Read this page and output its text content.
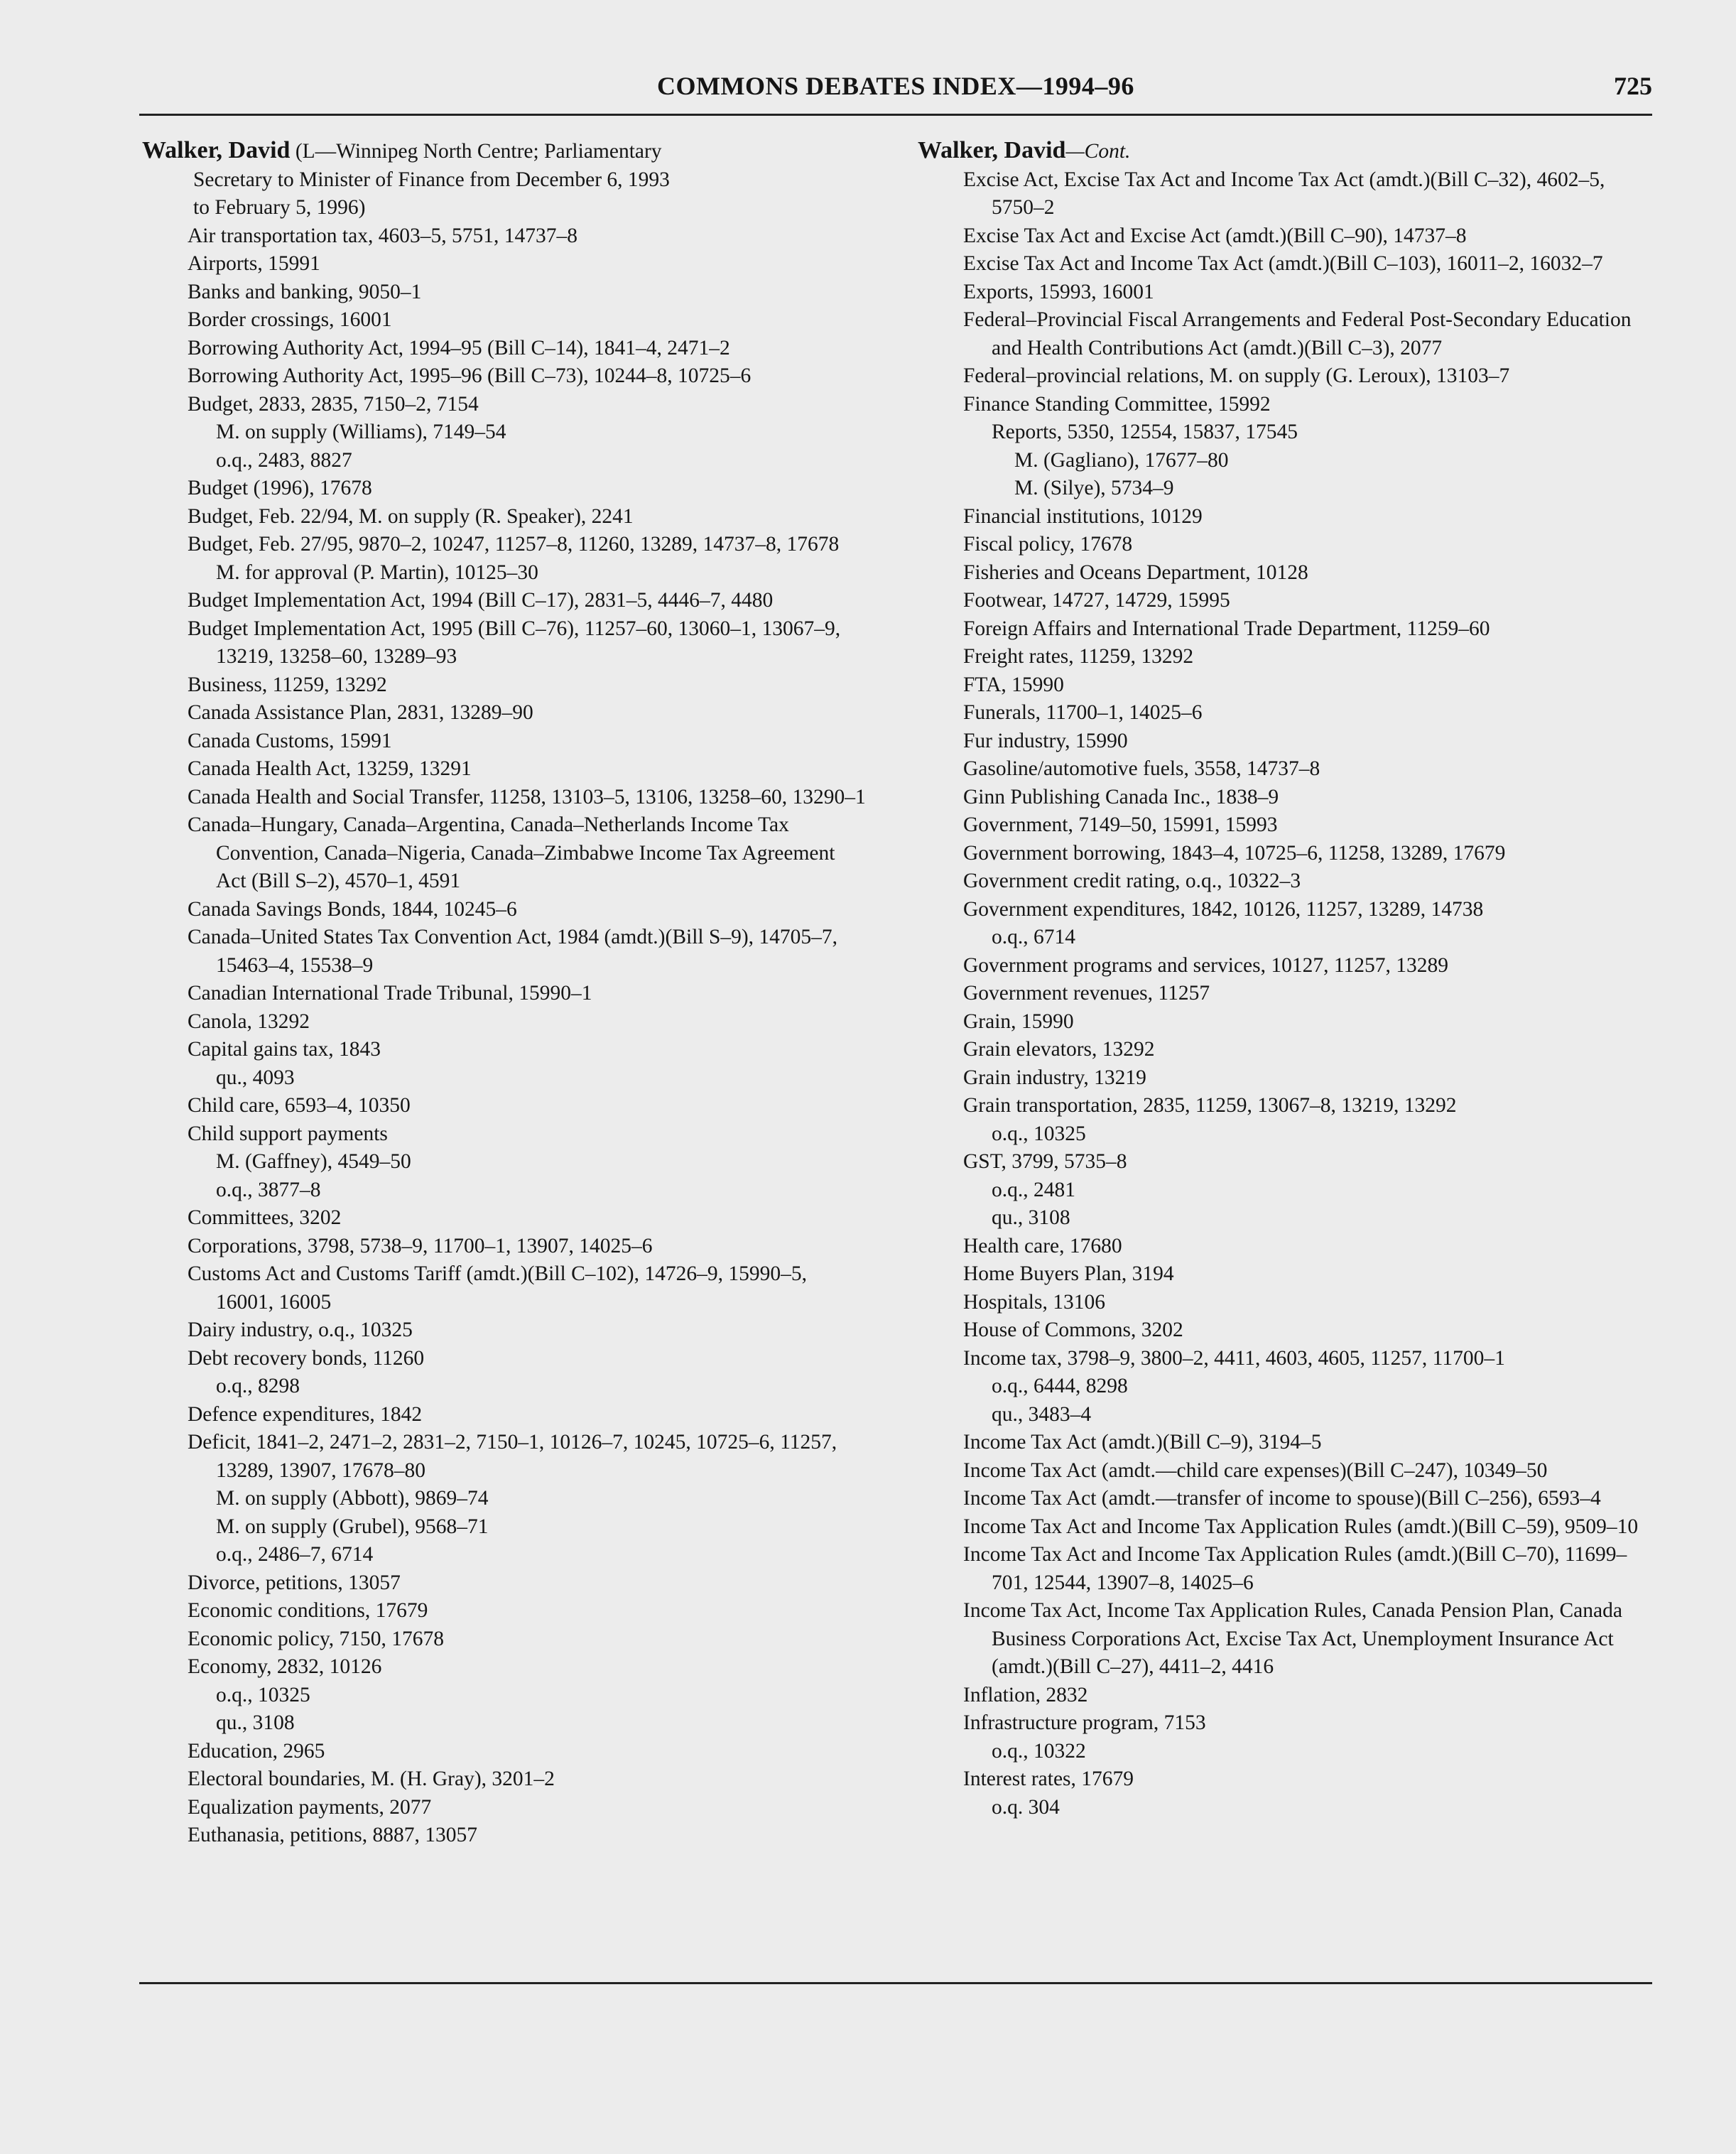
COMMONS DEBATES INDEX—1994–96	725
Walker, David (L—Winnipeg North Centre; Parliamentary
Secretary to Minister of Finance from December 6, 1993
to February 5, 1996)
Air transportation tax, 4603–5, 5751, 14737–8
Airports, 15991
Banks and banking, 9050–1
Border crossings, 16001
Borrowing Authority Act, 1994–95 (Bill C–14), 1841–4, 2471–2
Borrowing Authority Act, 1995–96 (Bill C–73), 10244–8, 10725–6
Budget, 2833, 2835, 7150–2, 7154
M. on supply (Williams), 7149–54
o.q., 2483, 8827
Budget (1996), 17678
Budget, Feb. 22/94, M. on supply (R. Speaker), 2241
Budget, Feb. 27/95, 9870–2, 10247, 11257–8, 11260, 13289, 14737–8, 17678
M. for approval (P. Martin), 10125–30
Budget Implementation Act, 1994 (Bill C–17), 2831–5, 4446–7, 4480
Budget Implementation Act, 1995 (Bill C–76), 11257–60, 13060–1, 13067–9, 13219, 13258–60, 13289–93
Business, 11259, 13292
Canada Assistance Plan, 2831, 13289–90
Canada Customs, 15991
Canada Health Act, 13259, 13291
Canada Health and Social Transfer, 11258, 13103–5, 13106, 13258–60, 13290–1
Canada–Hungary, Canada–Argentina, Canada–Netherlands Income Tax Convention, Canada–Nigeria, Canada–Zimbabwe Income Tax Agreement Act (Bill S–2), 4570–1, 4591
Canada Savings Bonds, 1844, 10245–6
Canada–United States Tax Convention Act, 1984 (amdt.)(Bill S–9), 14705–7, 15463–4, 15538–9
Canadian International Trade Tribunal, 15990–1
Canola, 13292
Capital gains tax, 1843
qu., 4093
Child care, 6593–4, 10350
Child support payments
M. (Gaffney), 4549–50
o.q., 3877–8
Committees, 3202
Corporations, 3798, 5738–9, 11700–1, 13907, 14025–6
Customs Act and Customs Tariff (amdt.)(Bill C–102), 14726–9, 15990–5, 16001, 16005
Dairy industry, o.q., 10325
Debt recovery bonds, 11260
o.q., 8298
Defence expenditures, 1842
Deficit, 1841–2, 2471–2, 2831–2, 7150–1, 10126–7, 10245, 10725–6, 11257, 13289, 13907, 17678–80
M. on supply (Abbott), 9869–74
M. on supply (Grubel), 9568–71
o.q., 2486–7, 6714
Divorce, petitions, 13057
Economic conditions, 17679
Economic policy, 7150, 17678
Economy, 2832, 10126
o.q., 10325
qu., 3108
Education, 2965
Electoral boundaries, M. (H. Gray), 3201–2
Equalization payments, 2077
Euthanasia, petitions, 8887, 13057
Walker, David—Cont.
Excise Act, Excise Tax Act and Income Tax Act (amdt.)(Bill C–32), 4602–5, 5750–2
Excise Tax Act and Excise Act (amdt.)(Bill C–90), 14737–8
Excise Tax Act and Income Tax Act (amdt.)(Bill C–103), 16011–2, 16032–7
Exports, 15993, 16001
Federal–Provincial Fiscal Arrangements and Federal Post-Secondary Education and Health Contributions Act (amdt.)(Bill C–3), 2077
Federal–provincial relations, M. on supply (G. Leroux), 13103–7
Finance Standing Committee, 15992
Reports, 5350, 12554, 15837, 17545
M. (Gagliano), 17677–80
M. (Silye), 5734–9
Financial institutions, 10129
Fiscal policy, 17678
Fisheries and Oceans Department, 10128
Footwear, 14727, 14729, 15995
Foreign Affairs and International Trade Department, 11259–60
Freight rates, 11259, 13292
FTA, 15990
Funerals, 11700–1, 14025–6
Fur industry, 15990
Gasoline/automotive fuels, 3558, 14737–8
Ginn Publishing Canada Inc., 1838–9
Government, 7149–50, 15991, 15993
Government borrowing, 1843–4, 10725–6, 11258, 13289, 17679
Government credit rating, o.q., 10322–3
Government expenditures, 1842, 10126, 11257, 13289, 14738
o.q., 6714
Government programs and services, 10127, 11257, 13289
Government revenues, 11257
Grain, 15990
Grain elevators, 13292
Grain industry, 13219
Grain transportation, 2835, 11259, 13067–8, 13219, 13292
o.q., 10325
GST, 3799, 5735–8
o.q., 2481
qu., 3108
Health care, 17680
Home Buyers Plan, 3194
Hospitals, 13106
House of Commons, 3202
Income tax, 3798–9, 3800–2, 4411, 4603, 4605, 11257, 11700–1
o.q., 6444, 8298
qu., 3483–4
Income Tax Act (amdt.)(Bill C–9), 3194–5
Income Tax Act (amdt.—child care expenses)(Bill C–247), 10349–50
Income Tax Act (amdt.—transfer of income to spouse)(Bill C–256), 6593–4
Income Tax Act and Income Tax Application Rules (amdt.)(Bill C–59), 9509–10
Income Tax Act and Income Tax Application Rules (amdt.)(Bill C–70), 11699–701, 12544, 13907–8, 14025–6
Income Tax Act, Income Tax Application Rules, Canada Pension Plan, Canada Business Corporations Act, Excise Tax Act, Unemployment Insurance Act (amdt.)(Bill C–27), 4411–2, 4416
Inflation, 2832
Infrastructure program, 7153
o.q., 10322
Interest rates, 17679
o.q. 304
